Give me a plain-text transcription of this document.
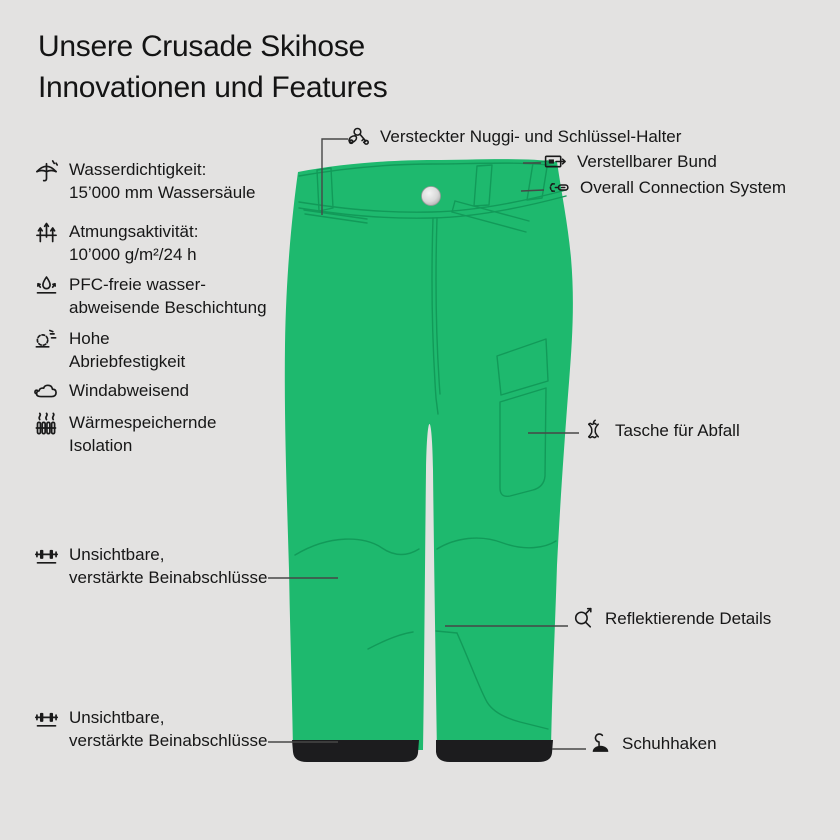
Unsere Crusade Skihose
Innovationen und Features
Wasserdichtigkeit:
15’000 mm Wassersäule
Atmungsaktivität:
10’000 g/m²/24 h
PFC-freie wasser-
abweisende Beschichtung
Hohe
Abriebfestigkeit
Windabweisend
Wärmespeichernde
Isolation
Unsichtbare,
verstärkte Beinabschlüsse
Unsichtbare,
verstärkte Beinabschlüsse
Versteckter Nuggi- und Schlüssel-Halter
Verstellbarer Bund
Overall Connection System
Tasche für Abfall
Reflektierende Details
Schuhhaken
